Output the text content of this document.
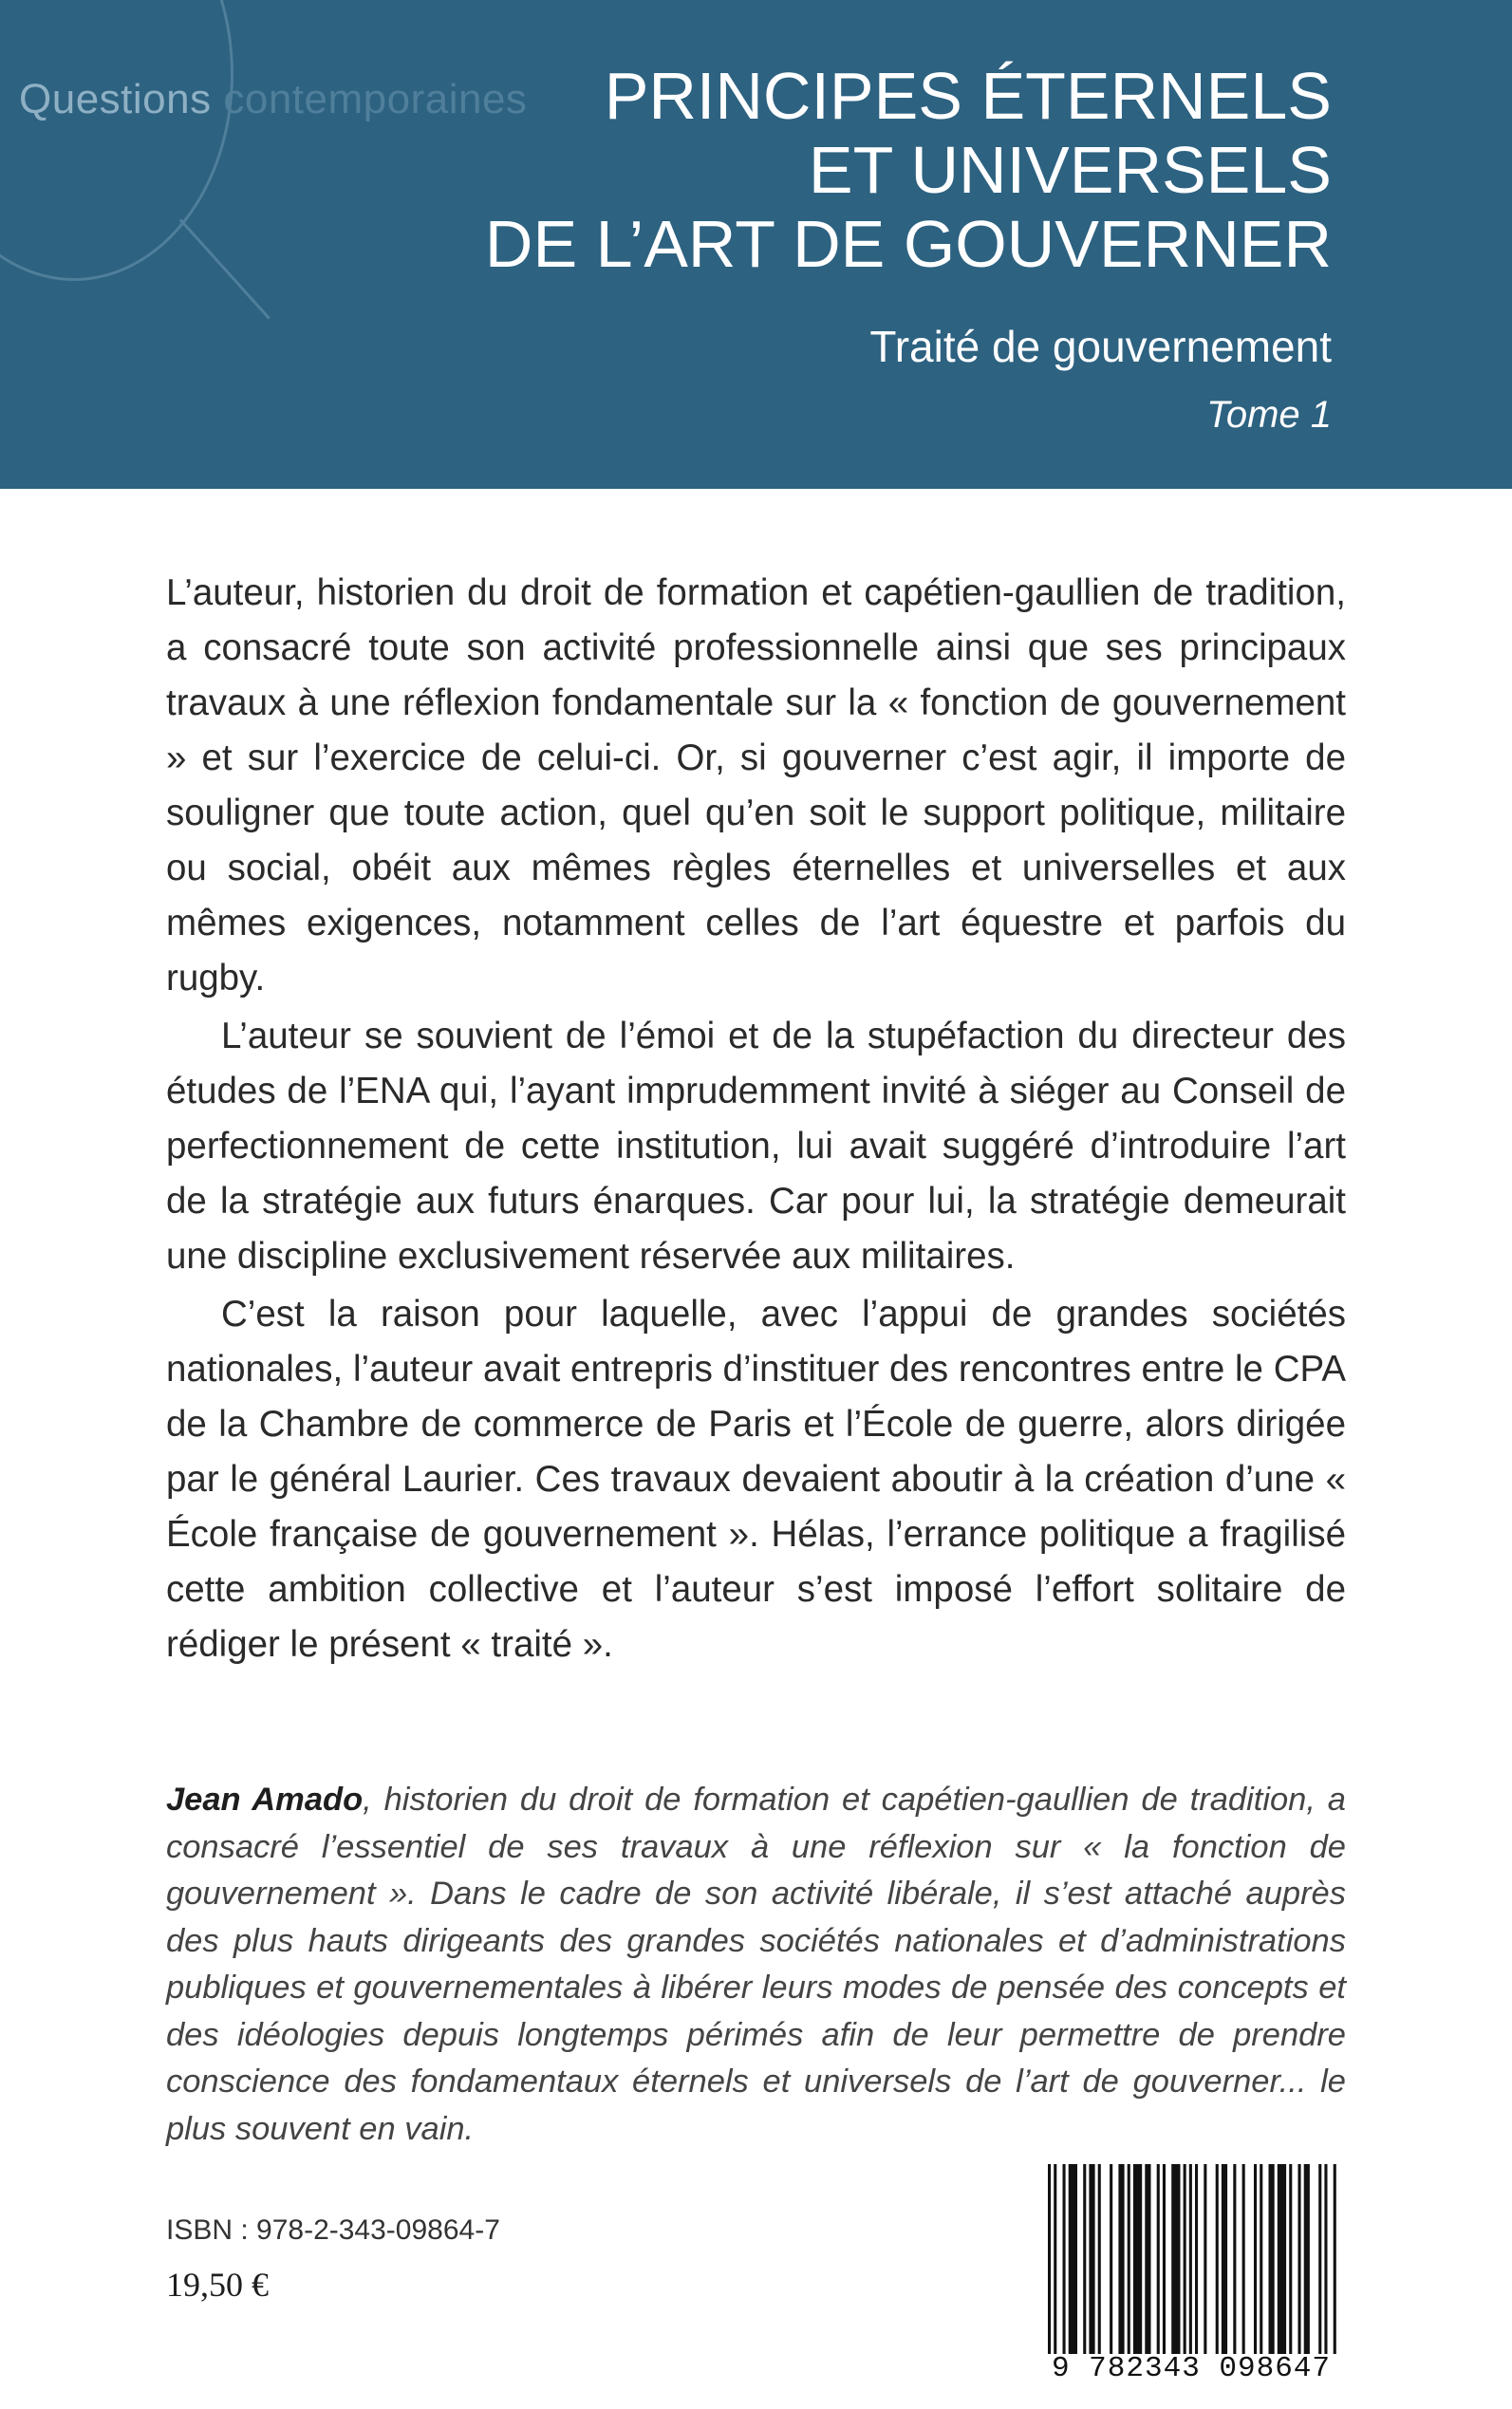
Questions contemporaines	PRINCIPES ÉTERNELS
ET UNIVERSELS
DE L’ART DE GOUVERNER
Traité de gouvernement
Tome 1

L’auteur, historien du droit de formation et capétien-gaullien de tradition, a consacré toute son activité professionnelle ainsi que ses principaux travaux à une réflexion fondamentale sur la « fonction de gouvernement » et sur l’exercice de celui-ci. Or, si gouverner c’est agir, il importe de souligner que toute action, quel qu’en soit le support politique, militaire ou social, obéit aux mêmes règles éternelles et universelles et aux mêmes exigences, notamment celles de l’art équestre et parfois du rugby.

L’auteur se souvient de l’émoi et de la stupéfaction du directeur des études de l’ENA qui, l’ayant imprudemment invité à siéger au Conseil de perfectionnement de cette institution, lui avait suggéré d’introduire l’art de la stratégie aux futurs énarques. Car pour lui, la stratégie demeurait une discipline exclusivement réservée aux militaires.

C’est la raison pour laquelle, avec l’appui de grandes sociétés nationales, l’auteur avait entrepris d’instituer des rencontres entre le CPA de la Chambre de commerce de Paris et l’École de guerre, alors dirigée par le général Laurier. Ces travaux devaient aboutir à la création d’une « École française de gouvernement ». Hélas, l’errance politique a fragilisé cette ambition collective et l’auteur s’est imposé l’effort solitaire de rédiger le présent « traité ».

Jean Amado, historien du droit de formation et capétien-gaullien de tradition, a consacré l’essentiel de ses travaux à une réflexion sur « la fonction de gouvernement ». Dans le cadre de son activité libérale, il s’est attaché auprès des plus hauts dirigeants des grandes sociétés nationales et d’administrations publiques et gouvernementales à libérer leurs modes de pensée des concepts et des idéologies depuis longtemps périmés afin de leur permettre de prendre conscience des fondamentaux éternels et universels de l’art de gouverner... le plus souvent en vain.
ISBN : 978-2-343-09864-7
19,50 €
9 782343 098647
